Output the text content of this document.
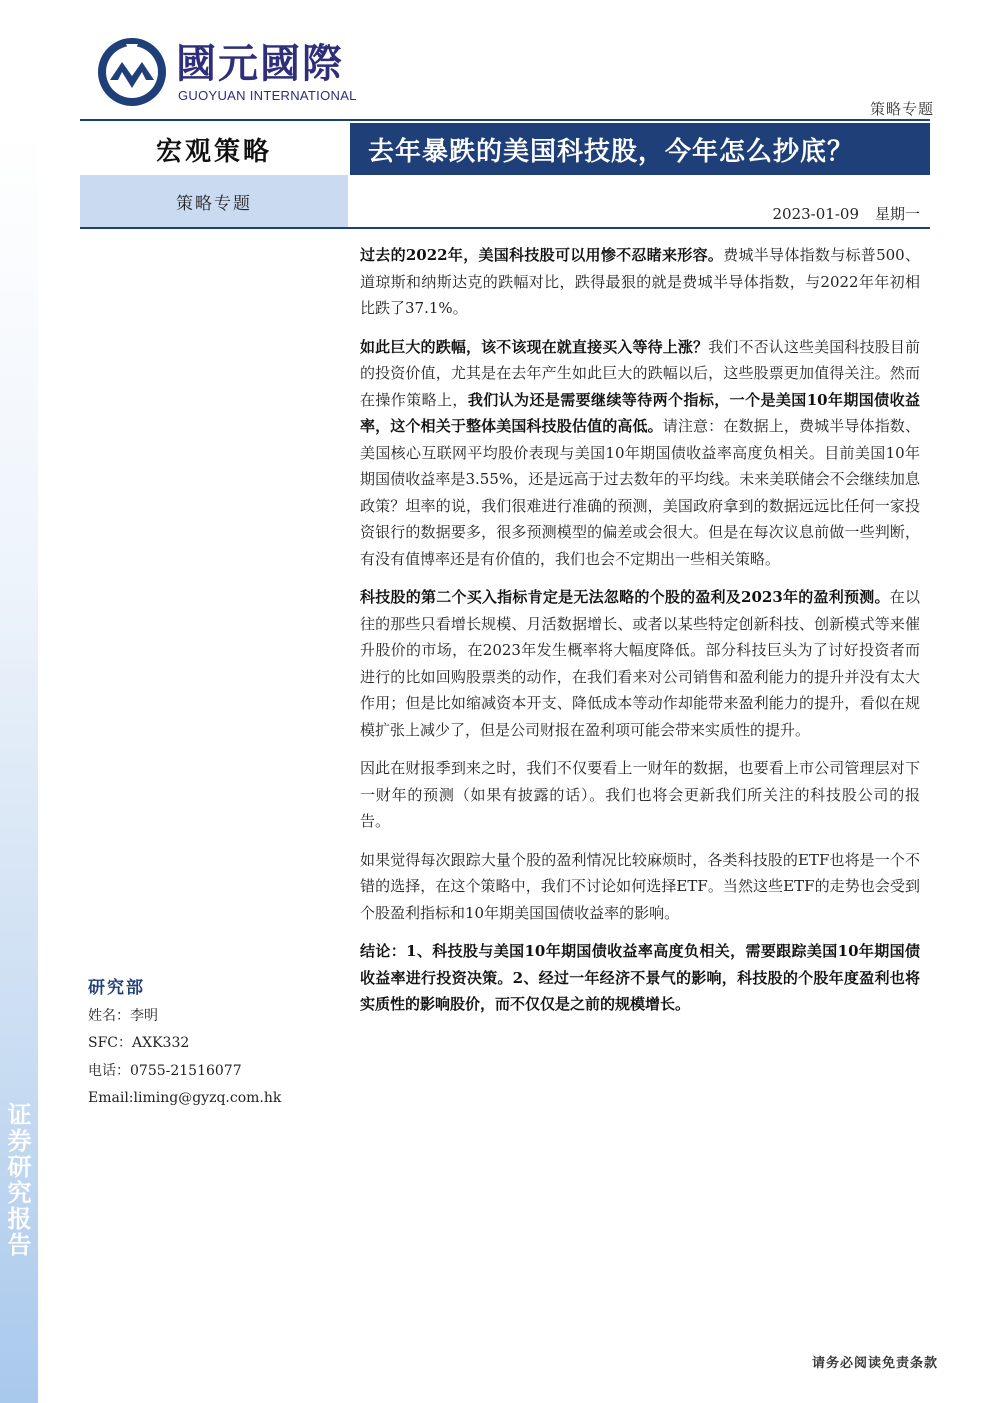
证券研究报告
國元國際
GUOYUAN INTERNATIONAL
策略专题
宏观策略	去年暴跌的美国科技股，今年怎么抄底？
策略专题
2023-01-09 星期一

过去的2022年，美国科技股可以用惨不忍睹来形容。费城半导体指数与标普500、道琼斯和纳斯达克的跌幅对比，跌得最狠的就是费城半导体指数，与2022年年初相比跌了37.1%。

如此巨大的跌幅，该不该现在就直接买入等待上涨？我们不否认这些美国科技股目前的投资价值，尤其是在去年产生如此巨大的跌幅以后，这些股票更加值得关注。然而在操作策略上，我们认为还是需要继续等待两个指标，一个是美国10年期国债收益率，这个相关于整体美国科技股估值的高低。请注意：在数据上，费城半导体指数、美国核心互联网平均股价表现与美国10年期国债收益率高度负相关。目前美国10年期国债收益率是3.55%，还是远高于过去数年的平均线。未来美联储会不会继续加息政策？坦率的说，我们很难进行准确的预测，美国政府拿到的数据远远比任何一家投资银行的数据要多，很多预测模型的偏差或会很大。但是在每次议息前做一些判断，有没有值博率还是有价值的，我们也会不定期出一些相关策略。

科技股的第二个买入指标肯定是无法忽略的个股的盈利及2023年的盈利预测。在以往的那些只看增长规模、月活数据增长、或者以某些特定创新科技、创新模式等来催升股价的市场，在2023年发生概率将大幅度降低。部分科技巨头为了讨好投资者而进行的比如回购股票类的动作，在我们看来对公司销售和盈利能力的提升并没有太大作用；但是比如缩减资本开支、降低成本等动作却能带来盈利能力的提升，看似在规模扩张上减少了，但是公司财报在盈利项可能会带来实质性的提升。

因此在财报季到来之时，我们不仅要看上一财年的数据，也要看上市公司管理层对下一财年的预测（如果有披露的话）。我们也将会更新我们所关注的科技股公司的报告。

如果觉得每次跟踪大量个股的盈利情况比较麻烦时，各类科技股的ETF也将是一个不错的选择，在这个策略中，我们不讨论如何选择ETF。当然这些ETF的走势也会受到个股盈利指标和10年期美国国债收益率的影响。

结论：1、科技股与美国10年期国债收益率高度负相关，需要跟踪美国10年期国债收益率进行投资决策。2、经过一年经济不景气的影响，科技股的个股年度盈利也将实质性的影响股价，而不仅仅是之前的规模增长。

研究部
姓名：李明
SFC：AXK332
电话：0755-21516077
Email:liming@gyzq.com.hk
请务必阅读免责条款
